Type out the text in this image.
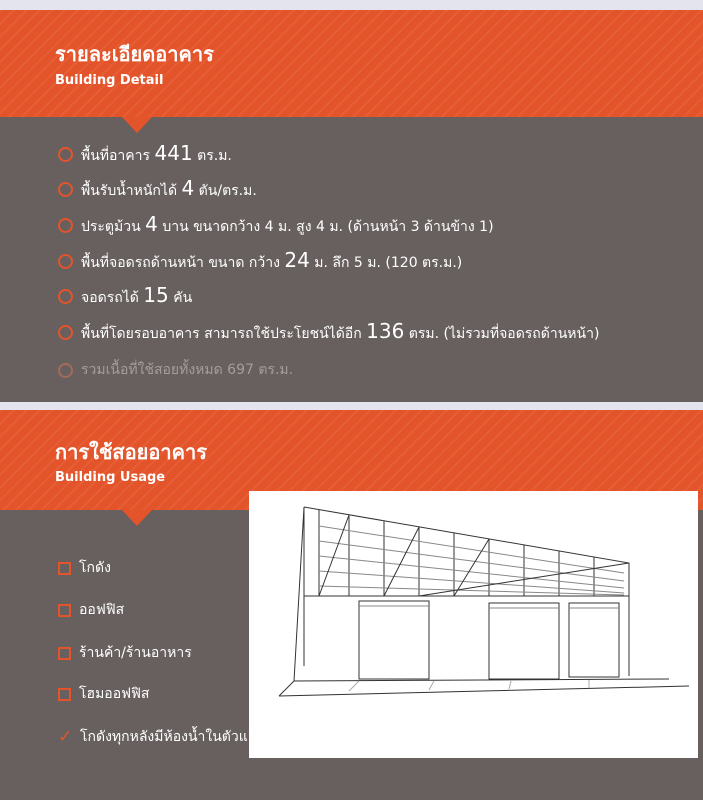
รายละเอียดอาคาร
Building Detail
พื้นที่อาคาร 441 ตร.ม.
พื้นรับน้ำหนักได้ 4 ตัน/ตร.ม.
ประตูม้วน 4 บาน ขนาดกว้าง 4 ม. สูง 4 ม. (ด้านหน้า 3 ด้านข้าง 1)
พื้นที่จอดรถด้านหน้า ขนาด กว้าง 24 ม. ลึก 5 ม. (120 ตร.ม.)
จอดรถได้ 15 คัน
พื้นที่โดยรอบอาคาร สามารถใช้ประโยชน์ได้อีก 136 ตรม. (ไม่รวมที่จอดรถด้านหน้า)
รวมเนื้อที่ใช้สอยทั้งหมด 697 ตร.ม.
การใช้สอยอาคาร
Building Usage
โกดัง
ออฟฟิส
ร้านค้า/ร้านอาหาร
โฮมออฟฟิส
✓ โกดังทุกหลังมีห้องน้ำในตัวและซิ้งค์ล้างมือภายใน
